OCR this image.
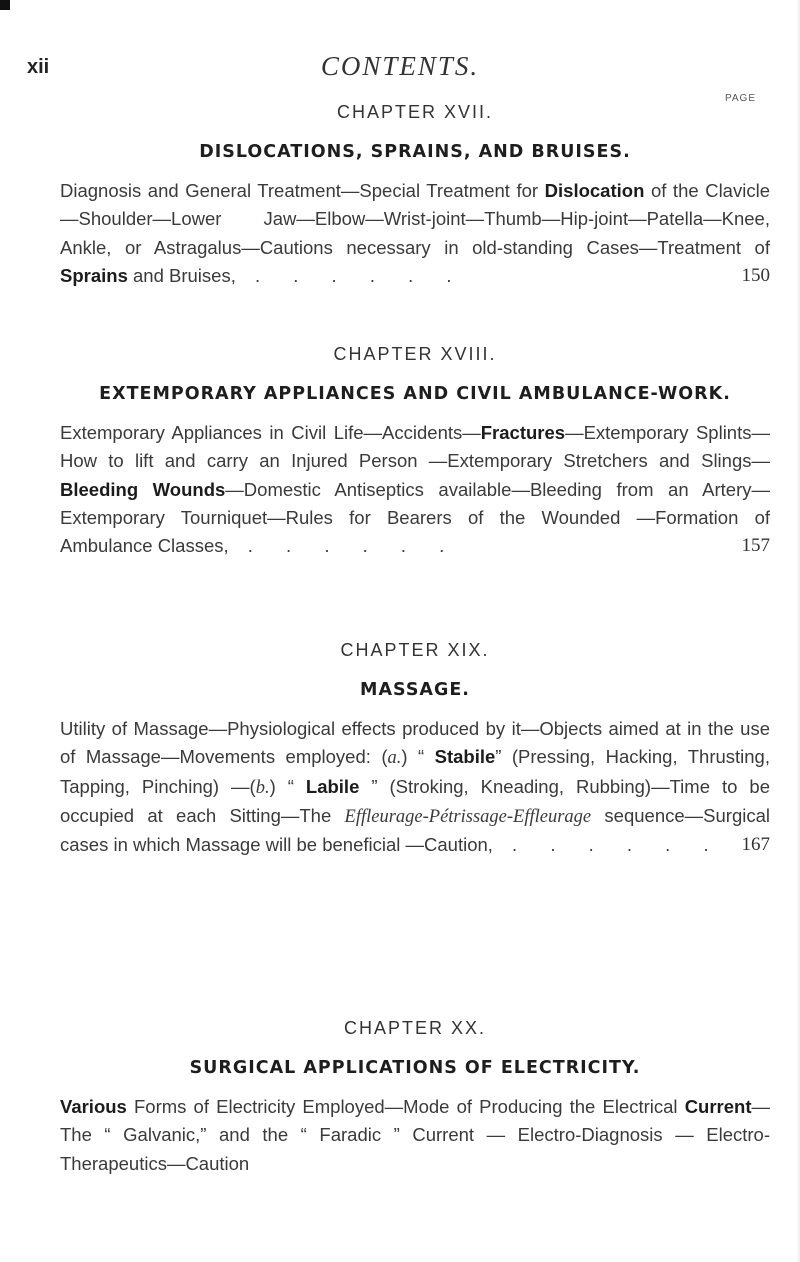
xii	CONTENTS.
PAGE
CHAPTER XVII.
DISLOCATIONS, SPRAINS, AND BRUISES.
Diagnosis and General Treatment—Special Treatment for Dislocation of the Clavicle—Shoulder—Lower Jaw—Elbow—Wrist-joint—Thumb—Hip-joint—Patella—Knee, Ankle, or Astragalus—Cautions necessary in old-standing Cases—Treatment of Sprains and Bruises, . . . . . .	150
CHAPTER XVIII.
EXTEMPORARY APPLIANCES AND CIVIL AMBULANCE-WORK.
Extemporary Appliances in Civil Life—Accidents—Fractures—Extemporary Splints—How to lift and carry an Injured Person —Extemporary Stretchers and Slings—Bleeding Wounds—Domestic Antiseptics available—Bleeding from an Artery—Extemporary Tourniquet—Rules for Bearers of the Wounded —Formation of Ambulance Classes, . . . . . .	157
CHAPTER XIX.
MASSAGE.
Utility of Massage—Physiological effects produced by it—Objects aimed at in the use of Massage—Movements employed: (a.) “ Stabile” (Pressing, Hacking, Thrusting, Tapping, Pinching) —(b.) “ Labile ” (Stroking, Kneading, Rubbing)—Time to be occupied at each Sitting—The Effleurage-Pétrissage-Effleurage sequence—Surgical cases in which Massage will be beneficial —Caution, . . . . . . 167
CHAPTER XX.
SURGICAL APPLICATIONS OF ELECTRICITY.
Various Forms of Electricity Employed—Mode of Producing the Electrical Current—The “ Galvanic,” and the “ Faradic ” Current — Electro-Diagnosis — Electro-Therapeutics—Caution
